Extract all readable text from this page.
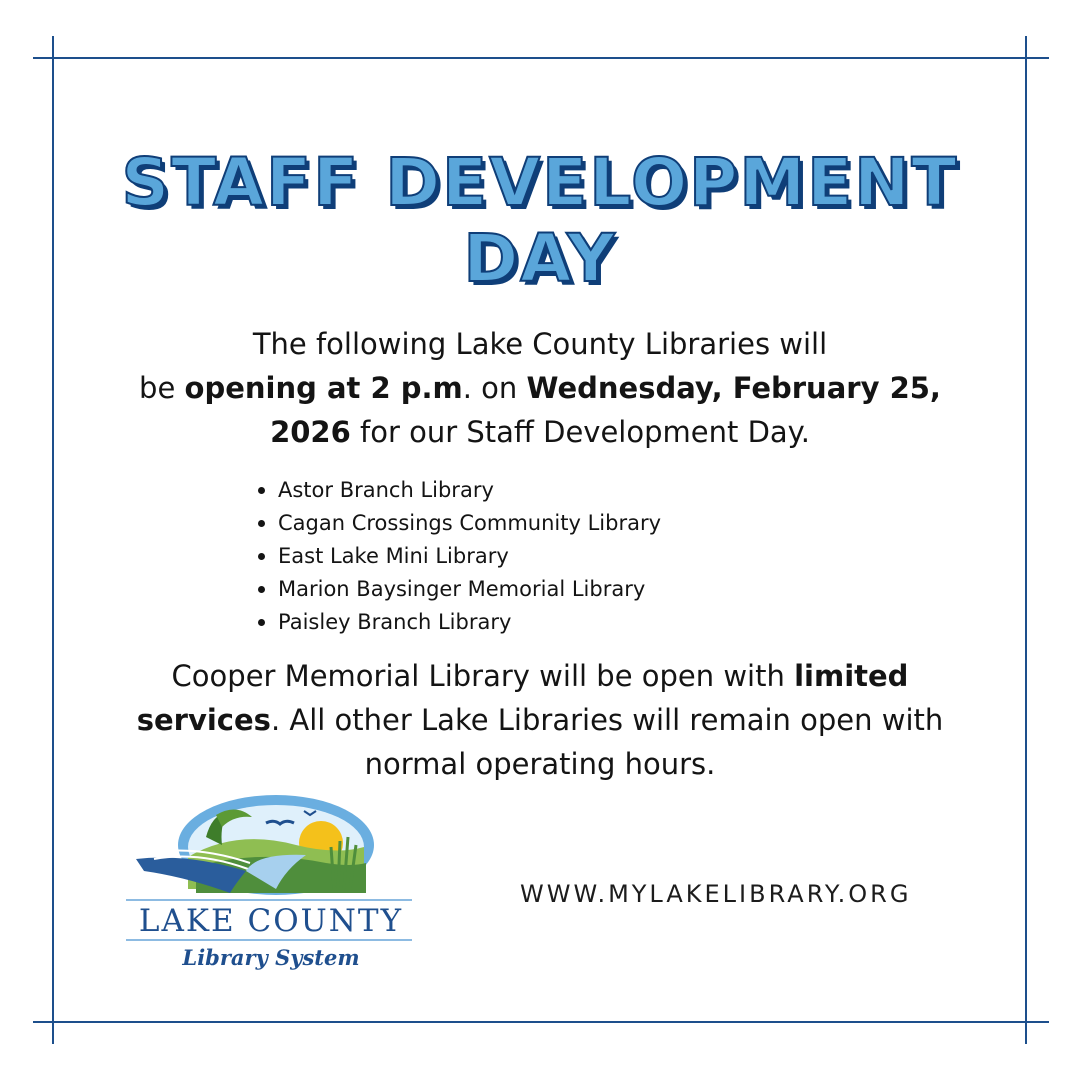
STAFF DEVELOPMENT
DAY
The following Lake County Libraries will
be opening at 2 p.m. on Wednesday, February 25,
2026 for our Staff Development Day.
Astor Branch Library
Cagan Crossings Community Library
East Lake Mini Library
Marion Baysinger Memorial Library
Paisley Branch Library
Cooper Memorial Library will be open with limited
services. All other Lake Libraries will remain open with
normal operating hours.
LAKE COUNTY
Library System
WWW.MYLAKELIBRARY.ORG
